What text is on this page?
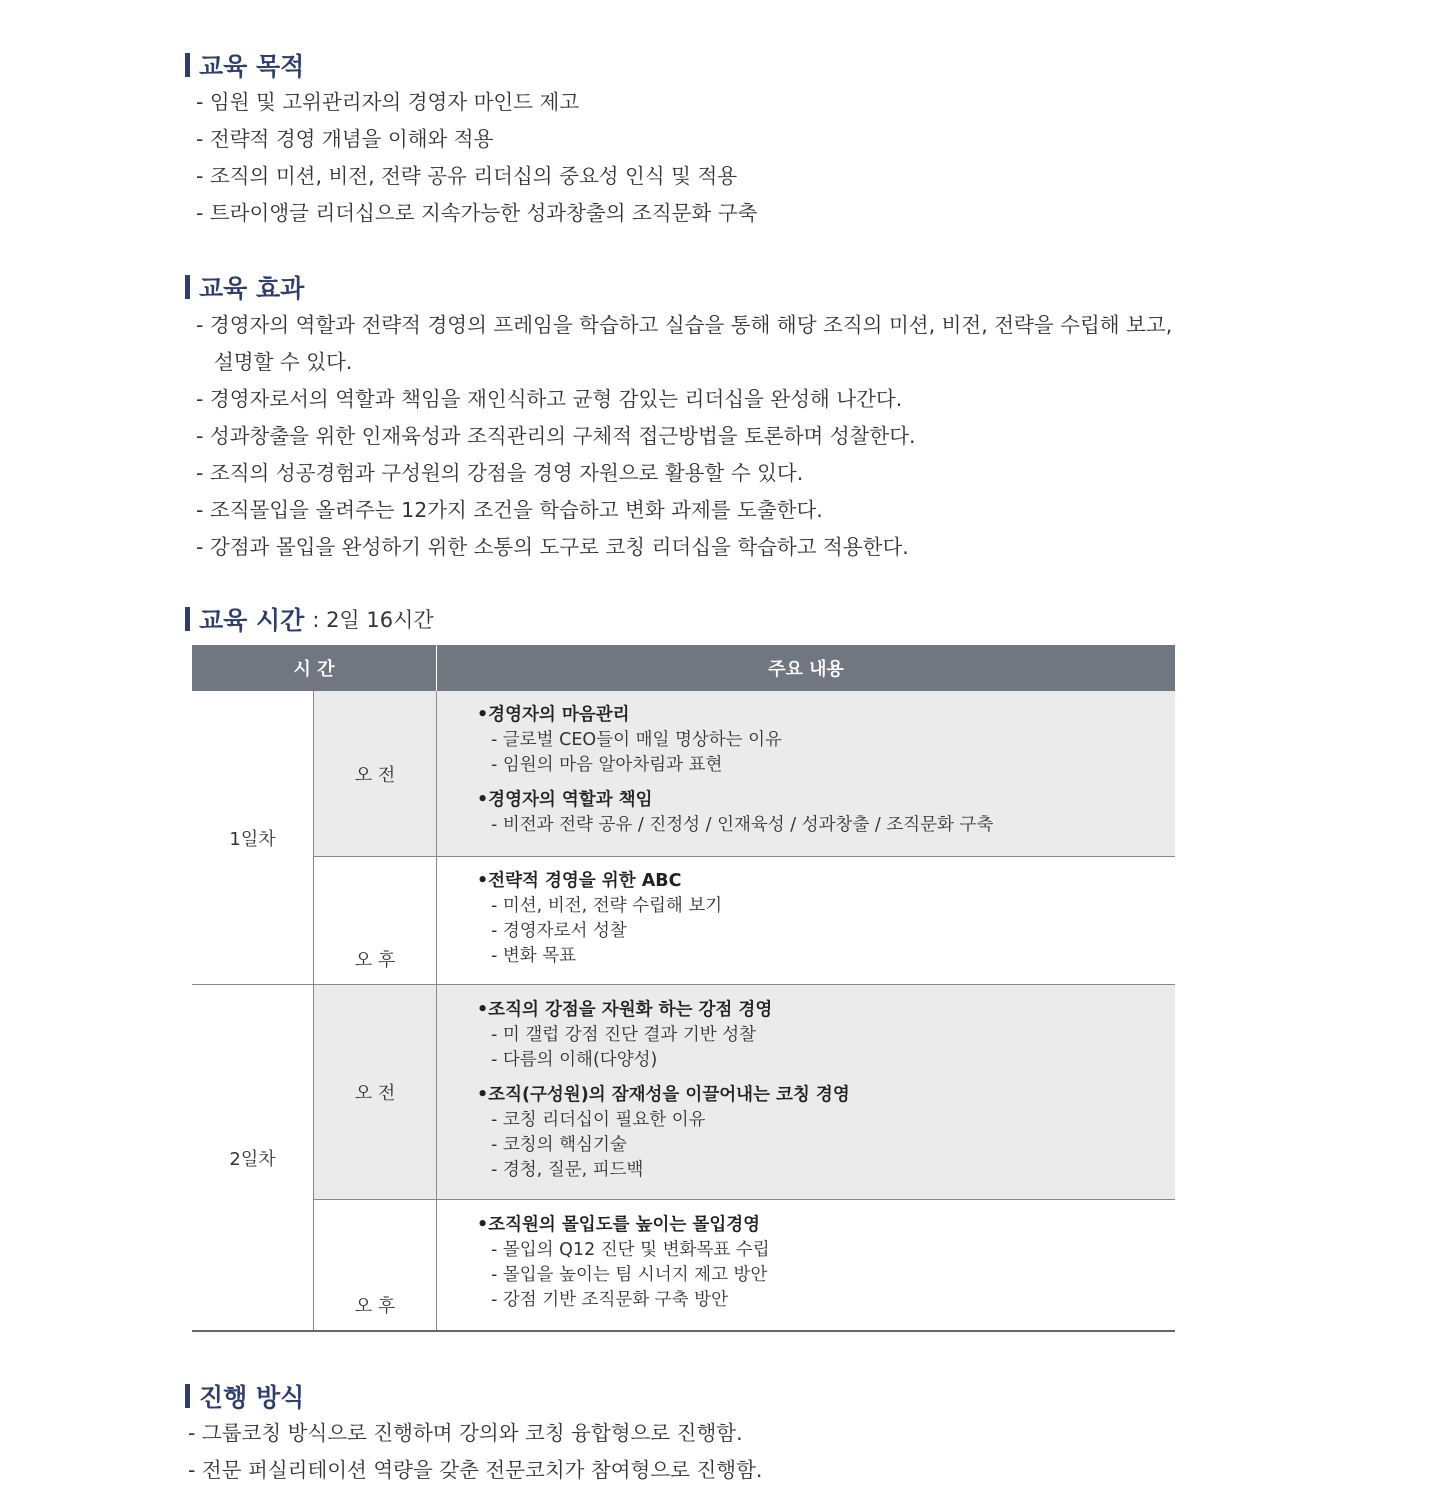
교육 목적
- 임원 및 고위관리자의 경영자 마인드 제고
- 전략적 경영 개념을 이해와 적용
- 조직의 미션, 비전, 전략 공유 리더십의 중요성 인식 및 적용
- 트라이앵글 리더십으로 지속가능한 성과창출의 조직문화 구축
교육 효과
- 경영자의 역할과 전략적 경영의 프레임을 학습하고 실습을 통해 해당 조직의 미션, 비전, 전략을 수립해 보고,
설명할 수 있다.
- 경영자로서의 역할과 책임을 재인식하고 균형 감있는 리더십을 완성해 나간다.
- 성과창출을 위한 인재육성과 조직관리의 구체적 접근방법을 토론하며 성찰한다.
- 조직의 성공경험과 구성원의 강점을 경영 자원으로 활용할 수 있다.
- 조직몰입을 올려주는 12가지 조건을 학습하고 변화 과제를 도출한다.
- 강점과 몰입을 완성하기 위한 소통의 도구로 코칭 리더십을 학습하고 적용한다.
교육 시간 : 2일 16시간
시 간	주요 내용
1일차
오 전
•경영자의 마음관리
- 글로벌 CEO들이 매일 명상하는 이유
- 임원의 마음 알아차림과 표현
•경영자의 역할과 책임
- 비전과 전략 공유 / 진정성 / 인재육성 / 성과창출 / 조직문화 구축
오 후
•전략적 경영을 위한 ABC
- 미션, 비전, 전략 수립해 보기
- 경영자로서 성찰
- 변화 목표
2일차
오 전
•조직의 강점을 자원화 하는 강점 경영
- 미 갤럽 강점 진단 결과 기반 성찰
- 다름의 이해(다양성)
•조직(구성원)의 잠재성을 이끌어내는 코칭 경영
- 코칭 리더십이 필요한 이유
- 코칭의 핵심기술
- 경청, 질문, 피드백
오 후
•조직원의 몰입도를 높이는 몰입경영
- 몰입의 Q12 진단 및 변화목표 수립
- 몰입을 높이는 팀 시너지 제고 방안
- 강점 기반 조직문화 구축 방안
진행 방식
- 그룹코칭 방식으로 진행하며 강의와 코칭 융합형으로 진행함.
- 전문 퍼실리테이션 역량을 갖춘 전문코치가 참여형으로 진행함.
